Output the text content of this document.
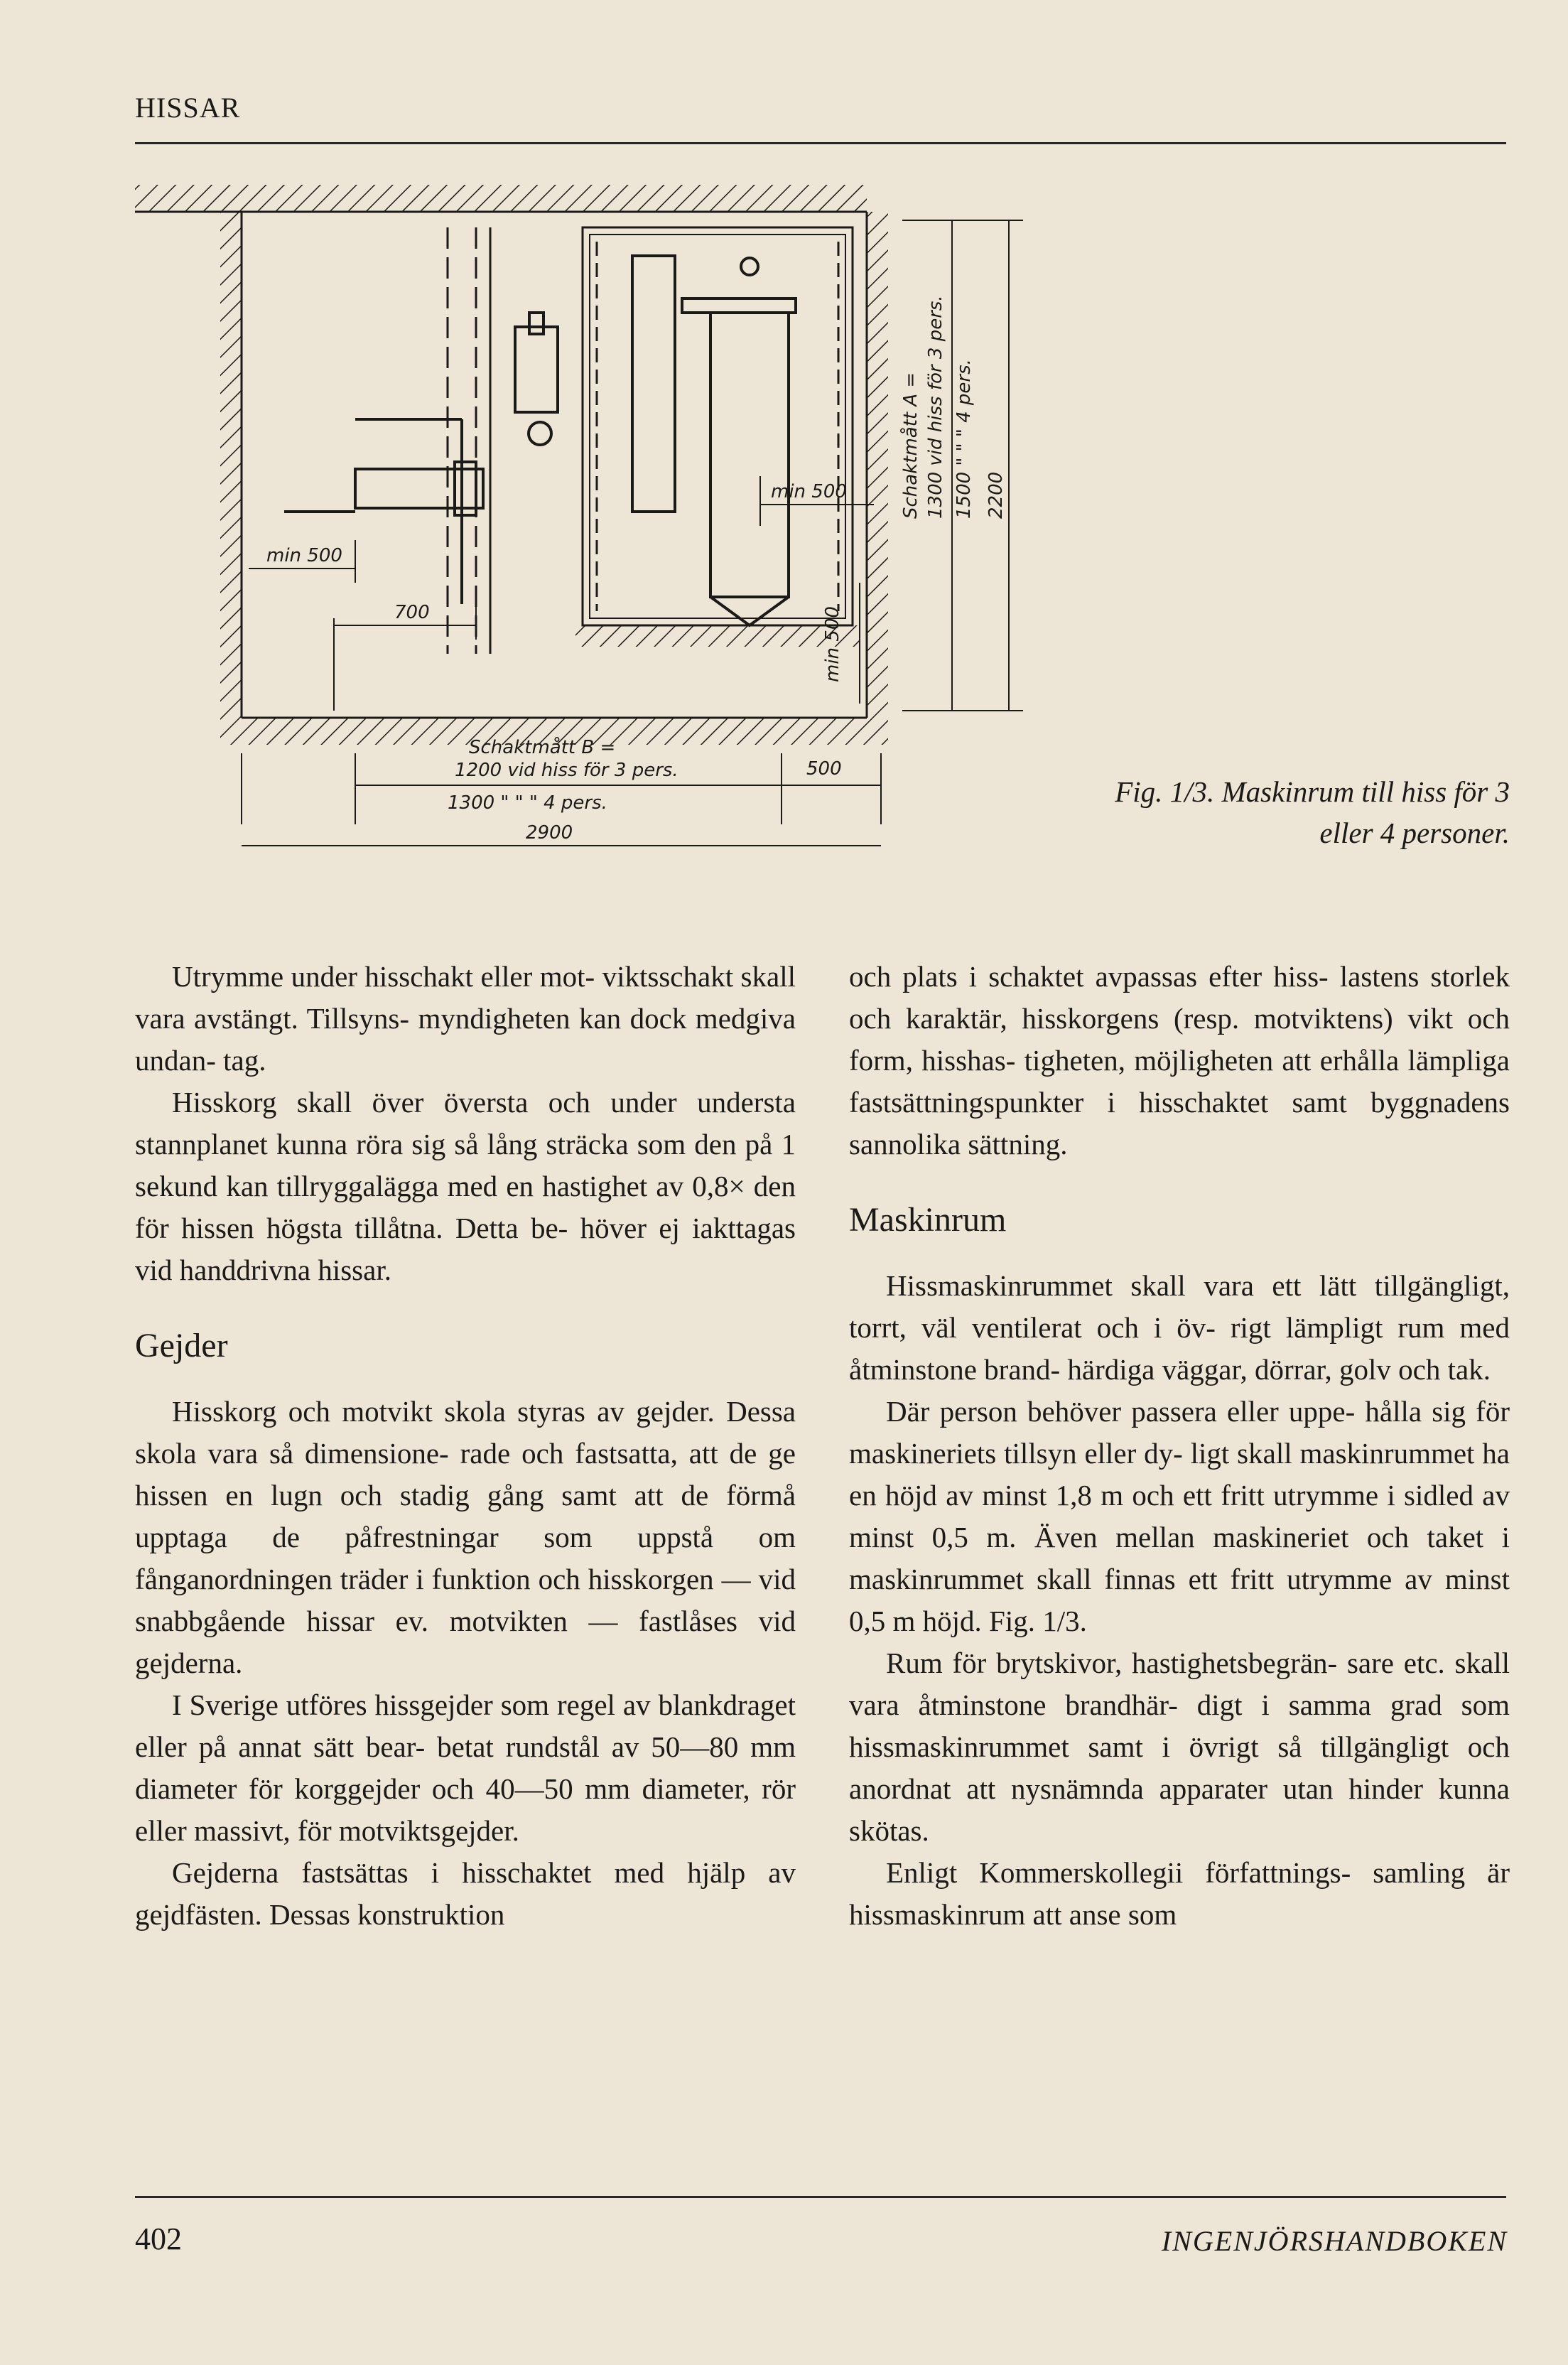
HISSAR
min 500
min 500
min 500
700
Schaktmått B =
1200 vid hiss för 3 pers.
1300 " " " 4 pers.
500
2900
Schaktmått A = 1300 vid hiss för 3 pers. 1500 " " " 4 pers. 2200
Fig. 1/3. Maskinrum till hiss för 3 eller 4 personer.

Utrymme under hisschakt eller mot- viktsschakt skall vara avstängt. Tillsyns- myndigheten kan dock medgiva undan- tag.

Hisskorg skall över översta och under understa stannplanet kunna röra sig så lång sträcka som den på 1 sekund kan tillryggalägga med en hastighet av 0,8× den för hissen högsta tillåtna. Detta be- höver ej iakttagas vid handdrivna hissar.

Gejder

Hisskorg och motvikt skola styras av gejder. Dessa skola vara så dimensione- rade och fastsatta, att de ge hissen en lugn och stadig gång samt att de förmå upptaga de påfrestningar som uppstå om fånganordningen träder i funktion och hisskorgen — vid snabbgående hissar ev. motvikten — fastlåses vid gejderna.

I Sverige utföres hissgejder som regel av blankdraget eller på annat sätt bear- betat rundstål av 50—80 mm diameter för korggejder och 40—50 mm diameter, rör eller massivt, för motviktsgejder.

Gejderna fastsättas i hisschaktet med hjälp av gejdfästen. Dessas konstruktion

och plats i schaktet avpassas efter hiss- lastens storlek och karaktär, hisskorgens (resp. motviktens) vikt och form, hisshas- tigheten, möjligheten att erhålla lämpliga fastsättningspunkter i hisschaktet samt byggnadens sannolika sättning.

Maskinrum

Hissmaskinrummet skall vara ett lätt tillgängligt, torrt, väl ventilerat och i öv- rigt lämpligt rum med åtminstone brand- härdiga väggar, dörrar, golv och tak.

Där person behöver passera eller uppe- hålla sig för maskineriets tillsyn eller dy- ligt skall maskinrummet ha en höjd av minst 1,8 m och ett fritt utrymme i sidled av minst 0,5 m. Även mellan maskineriet och taket i maskinrummet skall finnas ett fritt utrymme av minst 0,5 m höjd. Fig. 1/3.

Rum för brytskivor, hastighetsbegrän- sare etc. skall vara åtminstone brandhär- digt i samma grad som hissmaskinrummet samt i övrigt så tillgängligt och anordnat att nysnämnda apparater utan hinder kunna skötas.

Enligt Kommerskollegii författnings- samling är hissmaskinrum att anse som

402	INGENJÖRSHANDBOKEN
